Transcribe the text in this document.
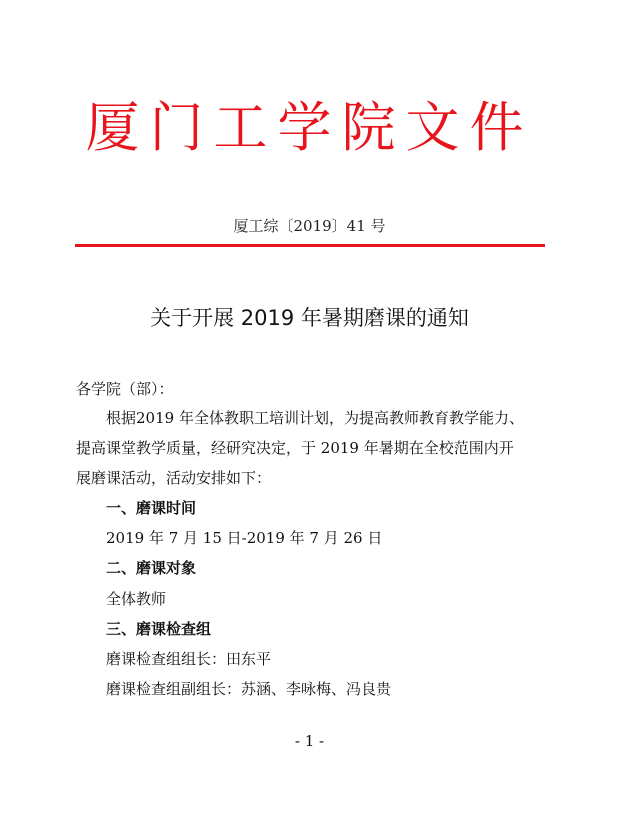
厦门工学院文件
厦工综〔2019〕41 号
关于开展 2019 年暑期磨课的通知
各学院（部）：
根据2019 年全体教职工培训计划，为提高教师教育教学能力、
提高课堂教学质量，经研究决定，于 2019 年暑期在全校范围内开
展磨课活动，活动安排如下：
一、磨课时间
2019 年 7 月 15 日-2019 年 7 月 26 日
二、磨课对象
全体教师
三、磨课检查组
磨课检查组组长：田东平
磨课检查组副组长：苏涵、李咏梅、冯良贵
- 1 -
